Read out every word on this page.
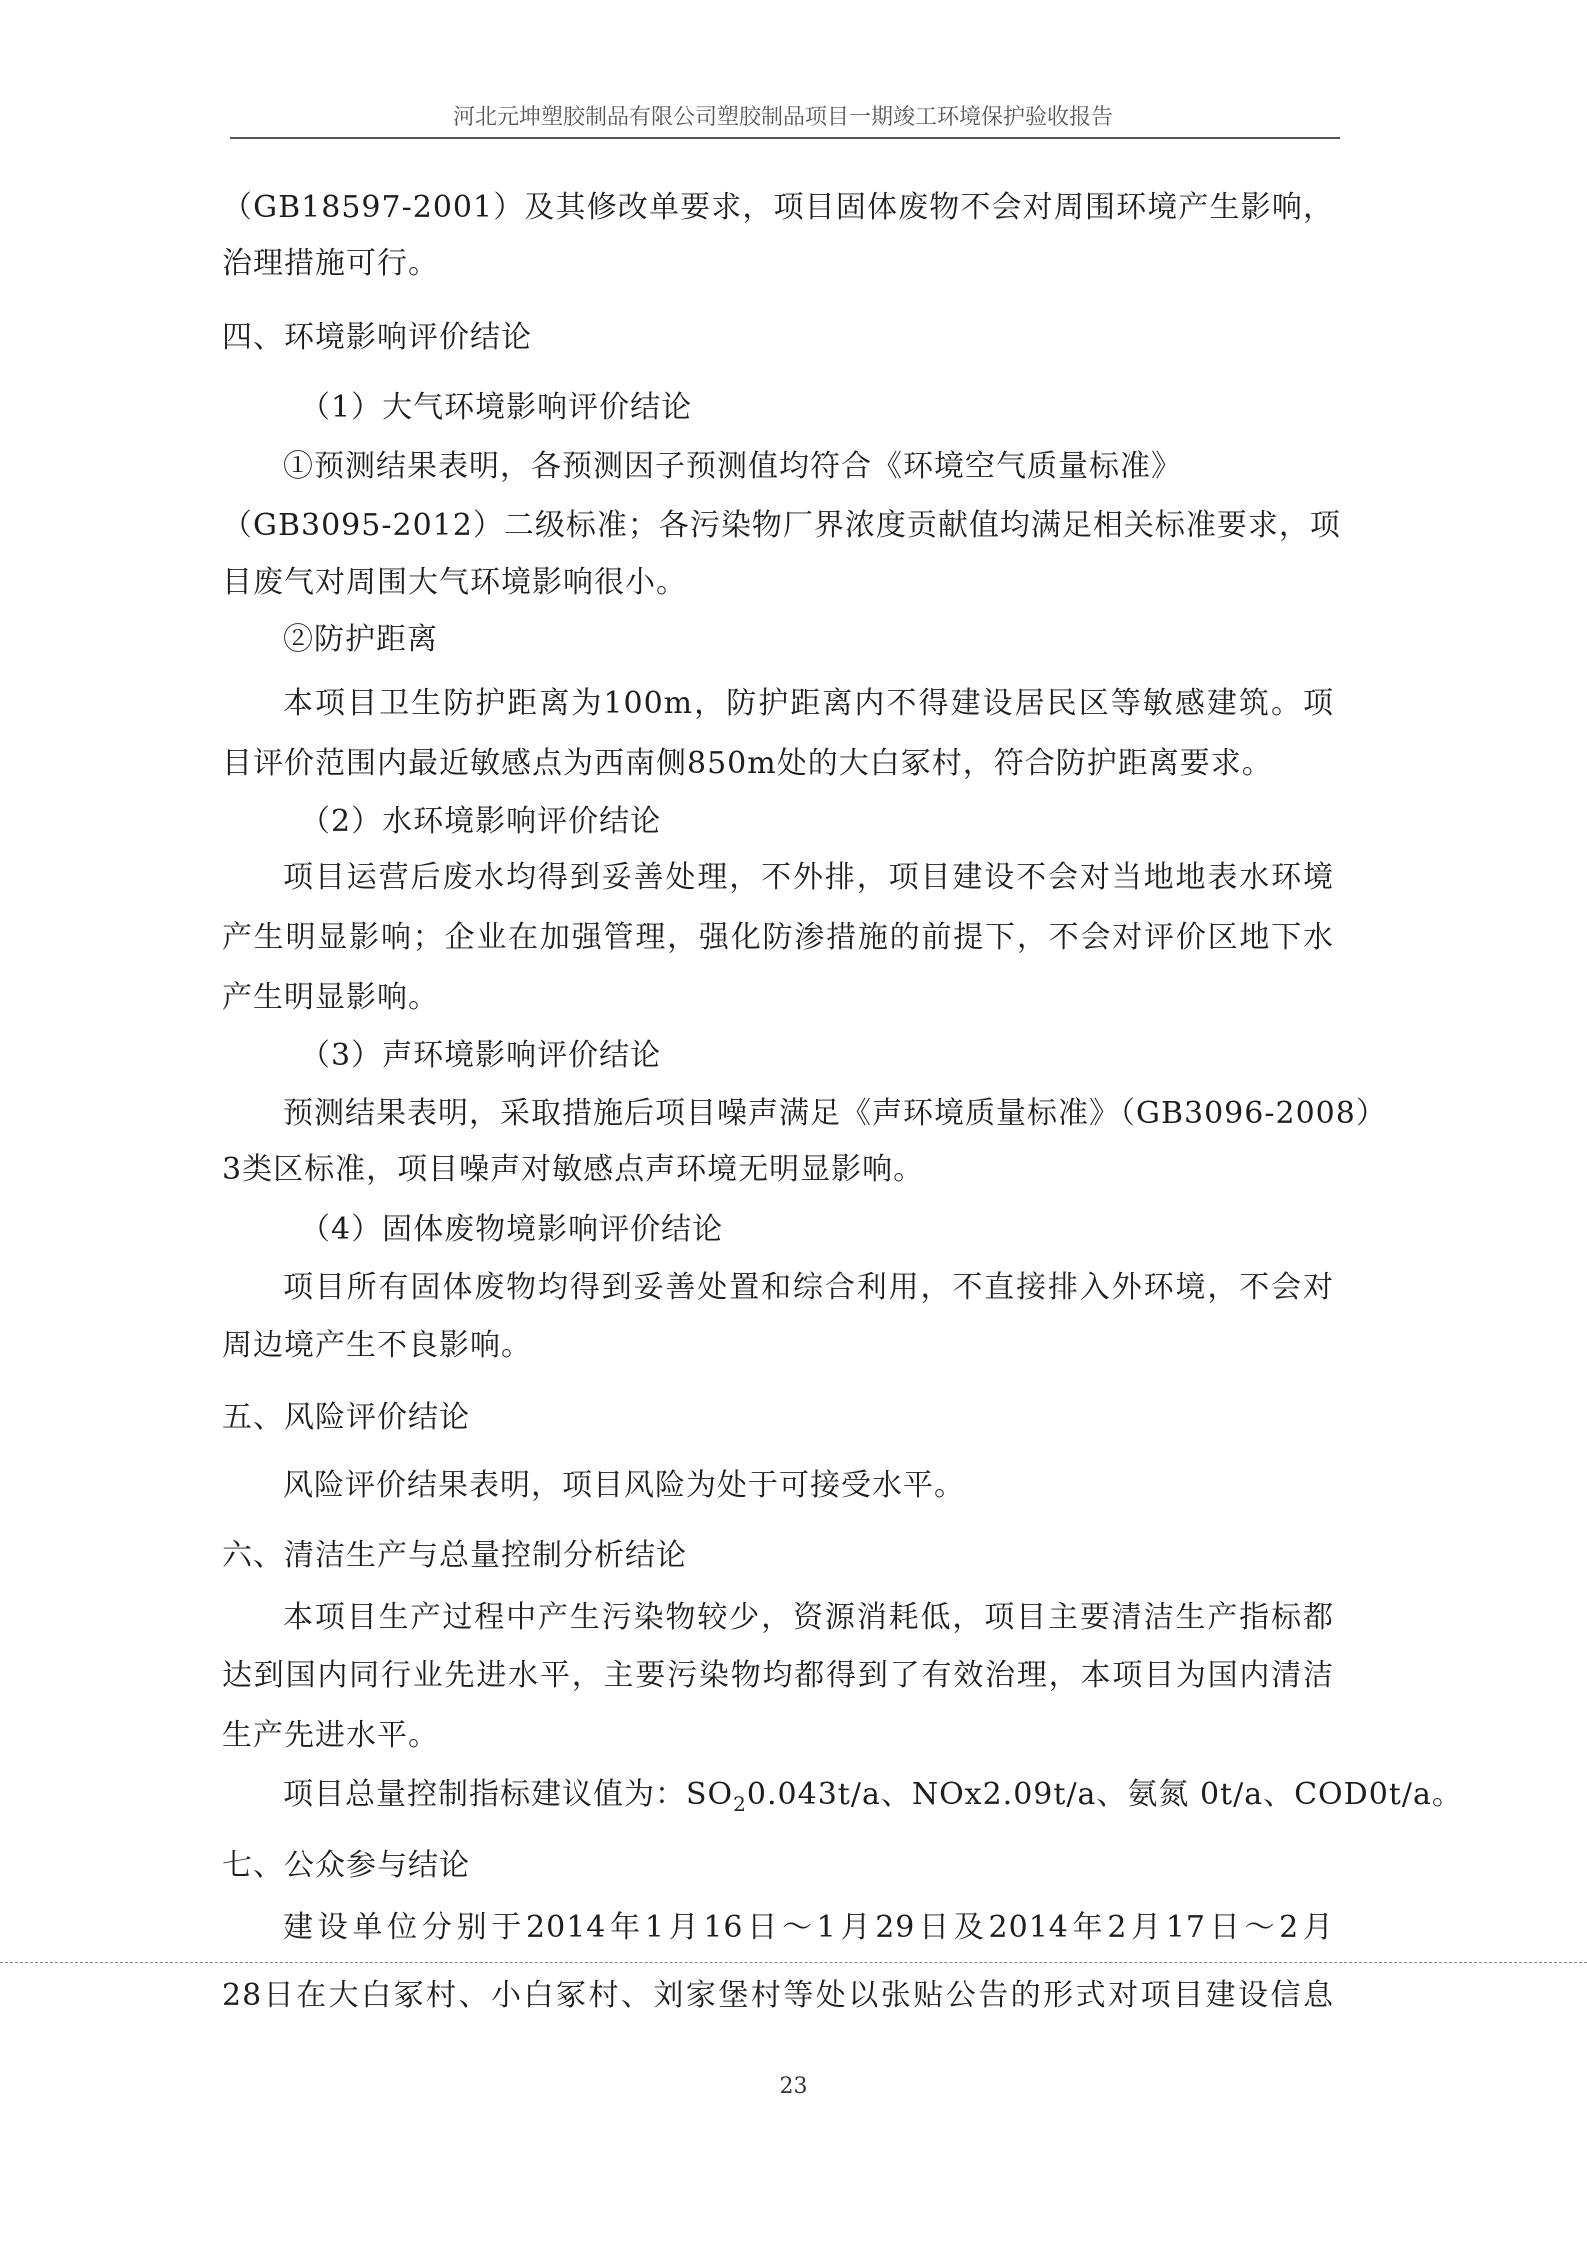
河北元坤塑胶制品有限公司塑胶制品项目一期竣工环境保护验收报告
（GB18597-2001）及其修改单要求，项目固体废物不会对周围环境产生影响，
治理措施可行。
四、环境影响评价结论
（1）大气环境影响评价结论
①预测结果表明，各预测因子预测值均符合《环境空气质量标准》
（GB3095-2012）二级标准；各污染物厂界浓度贡献值均满足相关标准要求，项
目废气对周围大气环境影响很小。
②防护距离
本项目卫生防护距离为100m，防护距离内不得建设居民区等敏感建筑。项
目评价范围内最近敏感点为西南侧850m处的大白冢村，符合防护距离要求。
（2）水环境影响评价结论
项目运营后废水均得到妥善处理，不外排，项目建设不会对当地地表水环境
产生明显影响；企业在加强管理，强化防渗措施的前提下，不会对评价区地下水
产生明显影响。
（3）声环境影响评价结论
预测结果表明，采取措施后项目噪声满足《声环境质量标准》（GB3096-2008）
3类区标准，项目噪声对敏感点声环境无明显影响。
（4）固体废物境影响评价结论
项目所有固体废物均得到妥善处置和综合利用，不直接排入外环境，不会对
周边境产生不良影响。
五、风险评价结论
风险评价结果表明，项目风险为处于可接受水平。
六、清洁生产与总量控制分析结论
本项目生产过程中产生污染物较少，资源消耗低，项目主要清洁生产指标都
达到国内同行业先进水平，主要污染物均都得到了有效治理，本项目为国内清洁
生产先进水平。
项目总量控制指标建议值为：$SO_20.043t/a$、NOx2.09t/a、氨氮 0t/a、COD0t/a。
七、公众参与结论
建设单位分别于2014年1月16日～1月29日及2014年2月17日～2月
28日在大白冢村、小白冢村、刘家堡村等处以张贴公告的形式对项目建设信息
23
